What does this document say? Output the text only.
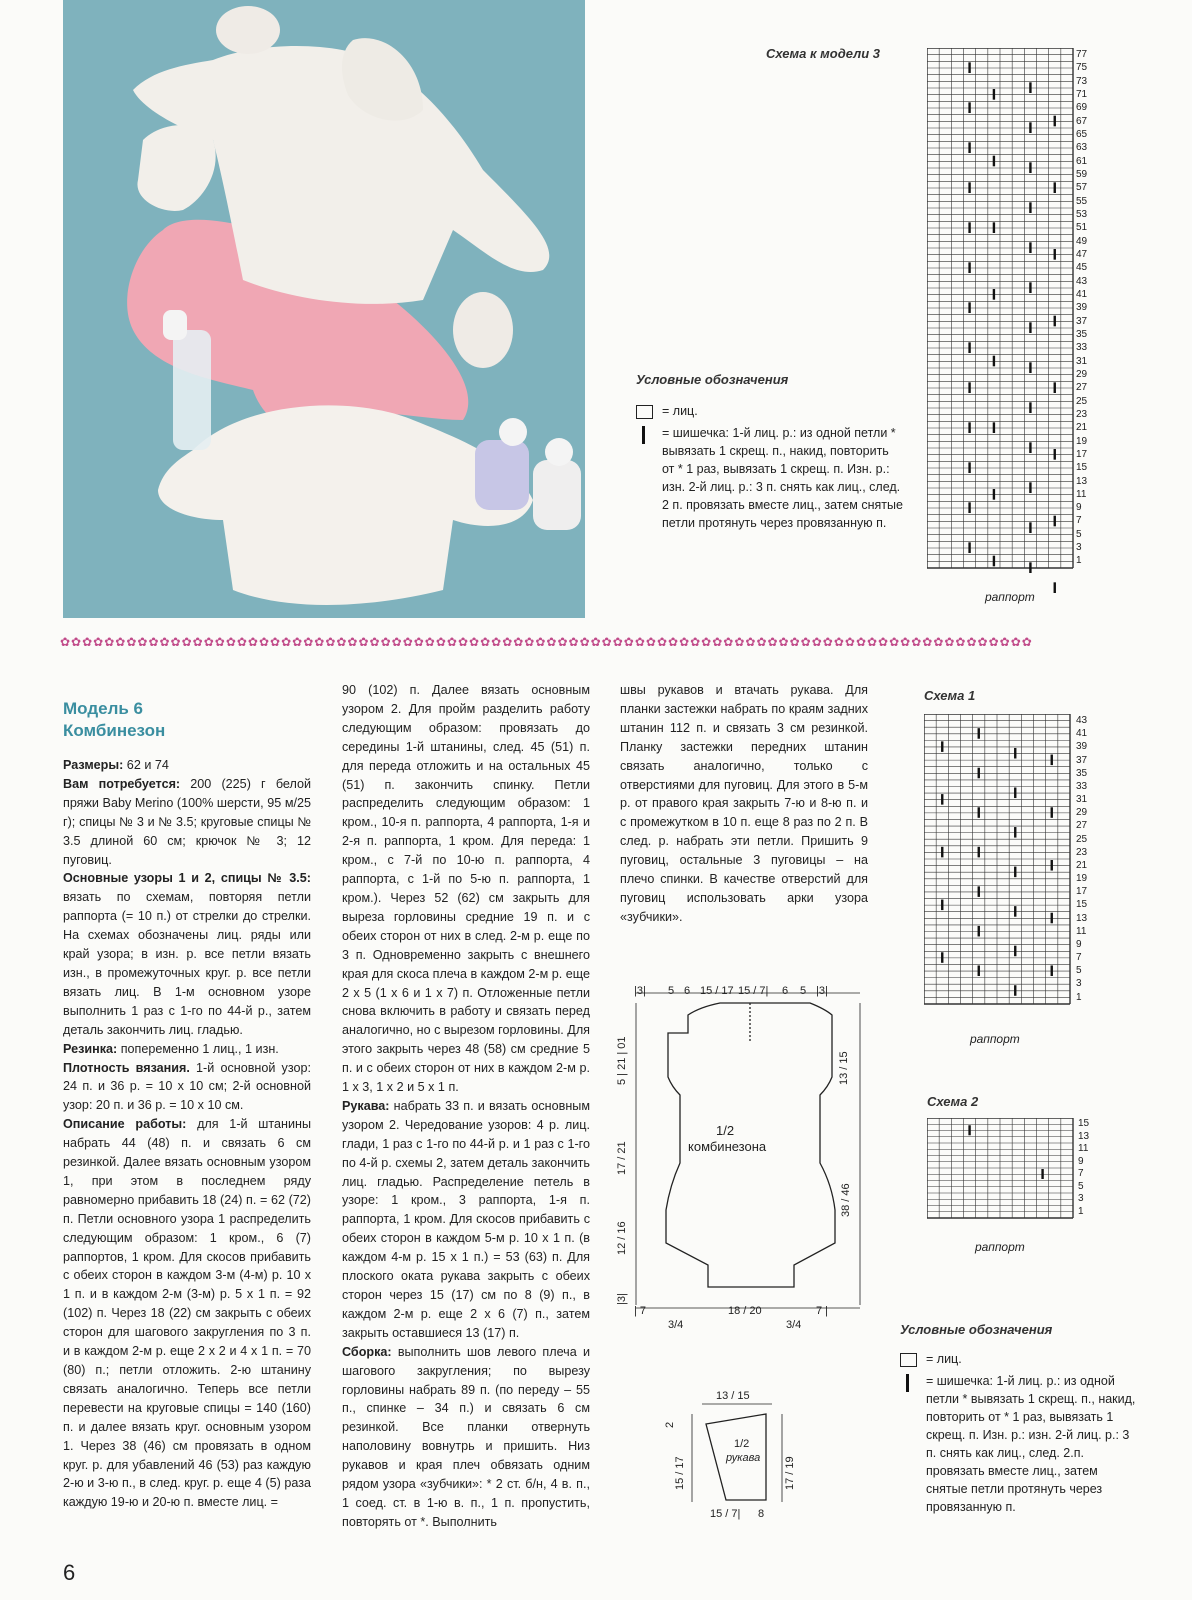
Схема к модели 3	77
75
73
71
69
67
65
63
61
59
57
55
53
51
49
47
45
43
41
39
37
35
33
31
29
27
25
23
21
19
17
15
13
11
9
7
5
3
1
раппорт
Условные обозначения
= лиц.
= шишечка: 1-й лиц. р.: из одной петли * вывязать 1 скрещ. п., накид, повторить от * 1 раз, вывязать 1 скрещ. п. Изн. р.: изн. 2-й лиц. р.: 3 п. снять как лиц., след. 2 п. провязать вместе лиц., затем снятые петли протянуть через провязанную п.
✿✿✿✿✿✿✿✿✿✿✿✿✿✿✿✿✿✿✿✿✿✿✿✿✿✿✿✿✿✿✿✿✿✿✿✿✿✿✿✿✿✿✿✿✿✿✿✿✿✿✿✿✿✿✿✿✿✿✿✿✿✿✿✿✿✿✿✿✿✿✿✿✿✿✿✿✿✿✿✿✿✿✿✿✿✿✿✿
Модель 6
Комбинезон

Размеры: 62 и 74

Вам потребуется: 200 (225) г белой пряжи Baby Merino (100% шерсти, 95 м/25 г); спицы № 3 и № 3.5; круговые спицы № 3.5 длиной 60 см; крючок № 3; 12 пуговиц.

Основные узоры 1 и 2, спицы № 3.5: вязать по схемам, повторяя петли раппорта (= 10 п.) от стрелки до стрелки. На схемах обозначены лиц. ряды или край узора; в изн. р. все петли вязать изн., в промежуточных круг. р. все петли вязать лиц. В 1-м основном узоре выполнить 1 раз с 1-го по 44-й р., затем деталь закончить лиц. гладью.

Резинка: попеременно 1 лиц., 1 изн.

Плотность вязания. 1-й основной узор: 24 п. и 36 р. = 10 х 10 см; 2-й основной узор: 20 п. и 36 р. = 10 х 10 см.

Описание работы: для 1-й штанины набрать 44 (48) п. и связать 6 см резинкой. Далее вязать основным узором 1, при этом в последнем ряду равномерно прибавить 18 (24) п. = 62 (72) п. Петли основного узора 1 распределить следующим образом: 1 кром., 6 (7) раппортов, 1 кром. Для скосов прибавить с обеих сторон в каждом 3-м (4-м) р. 10 х 1 п. и в каждом 2-м (3-м) р. 5 х 1 п. = 92 (102) п. Через 18 (22) см закрыть с обеих сторон для шагового закругления по 3 п. и в каждом 2-м р. еще 2 х 2 и 4 х 1 п. = 70 (80) п.; петли отложить. 2-ю штанину связать аналогично. Теперь все петли перевести на круговые спицы = 140 (160) п. и далее вязать круг. основным узором 1. Через 38 (46) см провязать в одном круг. р. для убавлений 46 (53) раз каждую 2-ю и 3-ю п., в след. круг. р. еще 4 (5) раза каждую 19-ю и 20-ю п. вместе лиц. =

90 (102) п. Далее вязать основным узором 2. Для пройм разделить работу следующим образом: провязать до середины 1-й штанины, след. 45 (51) п. для переда отложить и на остальных 45 (51) п. закончить спинку. Петли распределить следующим образом: 1 кром., 10-я п. раппорта, 4 раппорта, 1-я и 2-я п. раппорта, 1 кром. Для переда: 1 кром., с 7-й по 10-ю п. раппорта, 4 раппорта, с 1-й по 5-ю п. раппорта, 1 кром.). Через 52 (62) см закрыть для выреза горловины средние 19 п. и с обеих сторон от них в след. 2-м р. еще по 3 п. Одновременно закрыть с внешнего края для скоса плеча в каждом 2-м р. еще 2 х 5 (1 х 6 и 1 х 7) п. Отложенные петли снова включить в работу и связать перед аналогично, но с вырезом горловины. Для этого закрыть через 48 (58) см средние 5 п. и с обеих сторон от них в каждом 2-м р. 1 х 3, 1 х 2 и 5 х 1 п.

Рукава: набрать 33 п. и вязать основным узором 2. Чередование узоров: 4 р. лиц. глади, 1 раз с 1-го по 44-й р. и 1 раз с 1-го по 4-й р. схемы 2, затем деталь закончить лиц. гладью. Распределение петель в узоре: 1 кром., 3 раппорта, 1-я п. раппорта, 1 кром. Для скосов прибавить с обеих сторон в каждом 5-м р. 10 х 1 п. (в каждом 4-м р. 15 х 1 п.) = 53 (63) п. Для плоского оката рукава закрыть с обеих сторон через 15 (17) см по 8 (9) п., в каждом 2-м р. еще 2 х 6 (7) п., затем закрыть оставшиеся 13 (17) п.

Сборка: выполнить шов левого плеча и шагового закругления; по вырезу горловины набрать 89 п. (по переду – 55 п., спинке – 34 п.) и связать 6 см резинкой. Все планки отвернуть наполовину вовнутрь и пришить. Низ рукавов и края плеч обвязать одним рядом узора «зубчики»: * 2 ст. б/н, 4 в. п., 1 соед. ст. в 1-ю в. п., 1 п. пропустить, повторять от *. Выполнить

швы рукавов и втачать рукава. Для планки застежки набрать по краям задних штанин 112 п. и связать 3 см резинкой. Планку застежки передних штанин связать аналогично, только с отверстиями для пуговиц. Для этого в 5-м р. от правого края закрыть 7-ю и 8-ю п. и с промежутком в 10 п. еще 8 раз по 2 п. В след. р. набрать эти петли. Пришить 9 пуговиц, остальные 3 пуговицы – на плечо спинки. В качестве отверстий для пуговиц использовать арки узора «зубчики».

|3| 5 6 15 / 17 15 / 7| 6 5 |3|
5 | 21 | 01
17 / 21
12 / 16
|3|
13 / 15
38 / 46
1/2
комбинезона
| 7	18 / 20	7 |
3/4	3/4
13 / 15
2
15 / 17	17 / 19
1/2
рукава
15 / 7| 8
Схема 1
43
41
39
37
35
33
31
29
27
25
23
21
19
17
15
13
11
9
7
5
3
1
раппорт
Схема 2
15
13
11
9
7
5
3
1
раппорт
Условные обозначения
= лиц.
= шишечка: 1-й лиц. р.: из одной петли * вывязать 1 скрещ. п., накид, повторить от * 1 раз, вывязать 1 скрещ. п. Изн. р.: изн. 2-й лиц. р.: 3 п. снять как лиц., след. 2.п. провязать вместе лиц., затем снятые петли протянуть через провязанную п.
6
